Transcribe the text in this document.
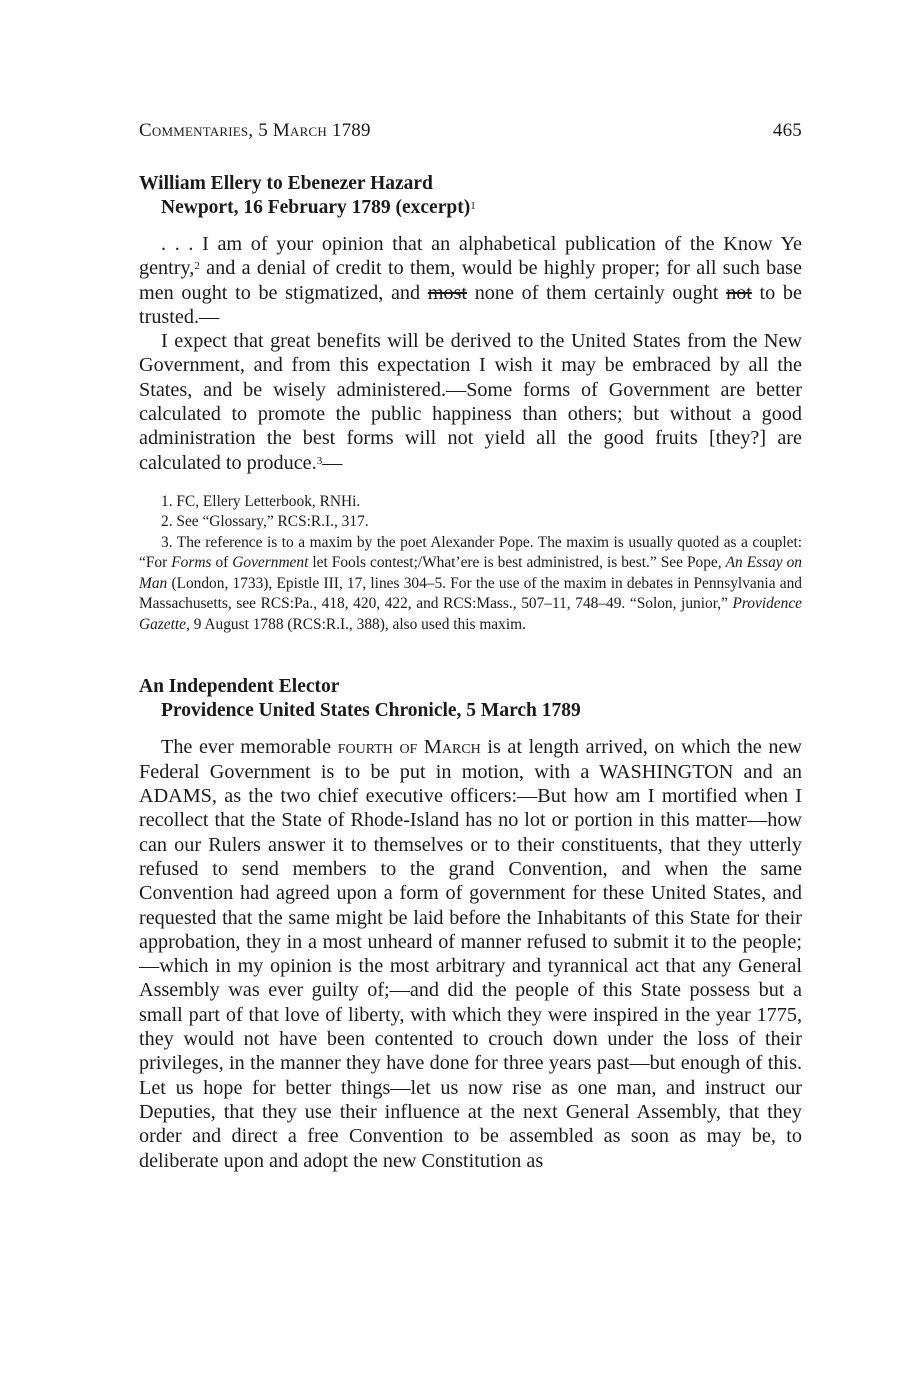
Commentaries, 5 March 1789	465
William Ellery to Ebenezer Hazard
Newport, 16 February 1789 (excerpt)$^1$

. . . I am of your opinion that an alphabetical publication of the Know Ye gentry,$^2$ and a denial of credit to them, would be highly proper; for all such base men ought to be stigmatized, and most none of them certainly ought not to be trusted.—

I expect that great benefits will be derived to the United States from the New Government, and from this expectation I wish it may be embraced by all the States, and be wisely administered.—Some forms of Government are better calculated to promote the public happiness than others; but without a good administration the best forms will not yield all the good fruits [they?] are calculated to produce.$^3$—

1. FC, Ellery Letterbook, RNHi.

2. See “Glossary,” RCS:R.I., 317.

3. The reference is to a maxim by the poet Alexander Pope. The maxim is usually quoted as a couplet: “For Forms of Government let Fools contest;/What’ere is best administred, is best.” See Pope, An Essay on Man (London, 1733), Epistle III, 17, lines 304–5. For the use of the maxim in debates in Pennsylvania and Massachusetts, see RCS:Pa., 418, 420, 422, and RCS:Mass., 507–11, 748–49. “Solon, junior,” Providence Gazette, 9 August 1788 (RCS:R.I., 388), also used this maxim.

An Independent Elector
Providence United States Chronicle, 5 March 1789

The ever memorable fourth of March is at length arrived, on which the new Federal Government is to be put in motion, with a WASHINGTON and an ADAMS, as the two chief executive officers:—But how am I mortified when I recollect that the State of Rhode-Island has no lot or portion in this matter—how can our Rulers answer it to themselves or to their constituents, that they utterly refused to send members to the grand Convention, and when the same Convention had agreed upon a form of government for these United States, and requested that the same might be laid before the Inhabitants of this State for their approbation, they in a most unheard of manner refused to submit it to the people;—which in my opinion is the most arbitrary and tyrannical act that any General Assembly was ever guilty of;—and did the people of this State possess but a small part of that love of liberty, with which they were inspired in the year 1775, they would not have been contented to crouch down under the loss of their privileges, in the manner they have done for three years past—but enough of this. Let us hope for better things—let us now rise as one man, and instruct our Deputies, that they use their influence at the next General Assembly, that they order and direct a free Convention to be assembled as soon as may be, to deliberate upon and adopt the new Constitution as
